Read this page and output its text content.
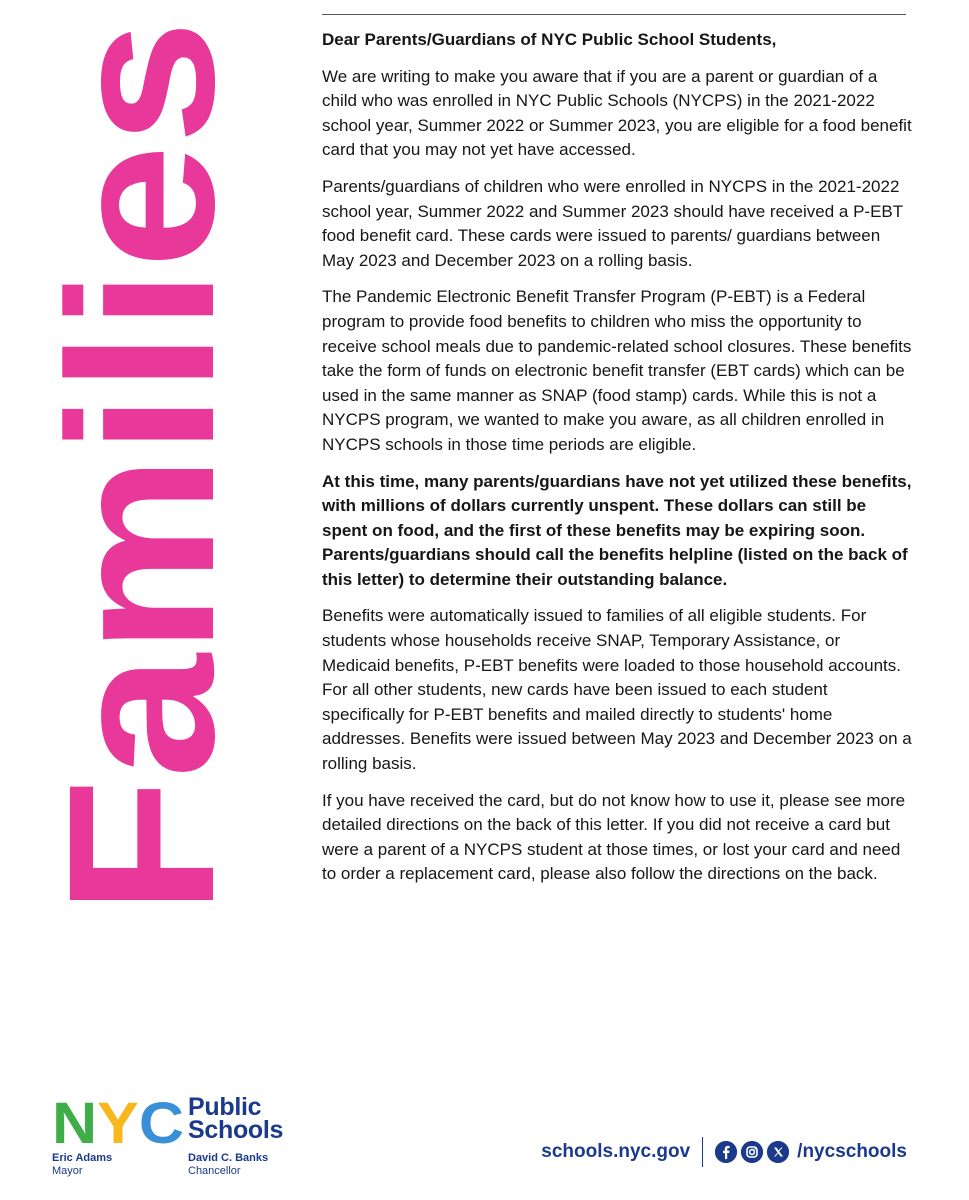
Families

Dear Parents/Guardians of NYC Public School Students,

We are writing to make you aware that if you are a parent or guardian of a child who was enrolled in NYC Public Schools (NYCPS) in the 2021-2022 school year, Summer 2022 or Summer 2023, you are eligible for a food benefit card that you may not yet have accessed.

Parents/guardians of children who were enrolled in NYCPS in the 2021-2022 school year, Summer 2022 and Summer 2023 should have received a P-EBT food benefit card. These cards were issued to parents/ guardians between May 2023 and December 2023 on a rolling basis.

The Pandemic Electronic Benefit Transfer Program (P-EBT) is a Federal program to provide food benefits to children who miss the opportunity to receive school meals due to pandemic-related school closures. These benefits take the form of funds on electronic benefit transfer (EBT cards) which can be used in the same manner as SNAP (food stamp) cards. While this is not a NYCPS program, we wanted to make you aware, as all children enrolled in NYCPS schools in those time periods are eligible.

At this time, many parents/guardians have not yet utilized these benefits, with millions of dollars currently unspent. These dollars can still be spent on food, and the first of these benefits may be expiring soon. Parents/guardians should call the benefits helpline (listed on the back of this letter) to determine their outstanding balance.

Benefits were automatically issued to families of all eligible students. For students whose households receive SNAP, Temporary Assistance, or Medicaid benefits, P-EBT benefits were loaded to those household accounts. For all other students, new cards have been issued to each student specifically for P-EBT benefits and mailed directly to students' home addresses. Benefits were issued between May 2023 and December 2023 on a rolling basis.

If you have received the card, but do not know how to use it, please see more detailed directions on the back of this letter. If you did not receive a card but were a parent of a NYCPS student at those times, or lost your card and need to order a replacement card, please also follow the directions on the back.

NYC Public
Schools
Eric Adams
Mayor
David C. Banks
Chancellor
schools.nyc.gov	/nycschools
